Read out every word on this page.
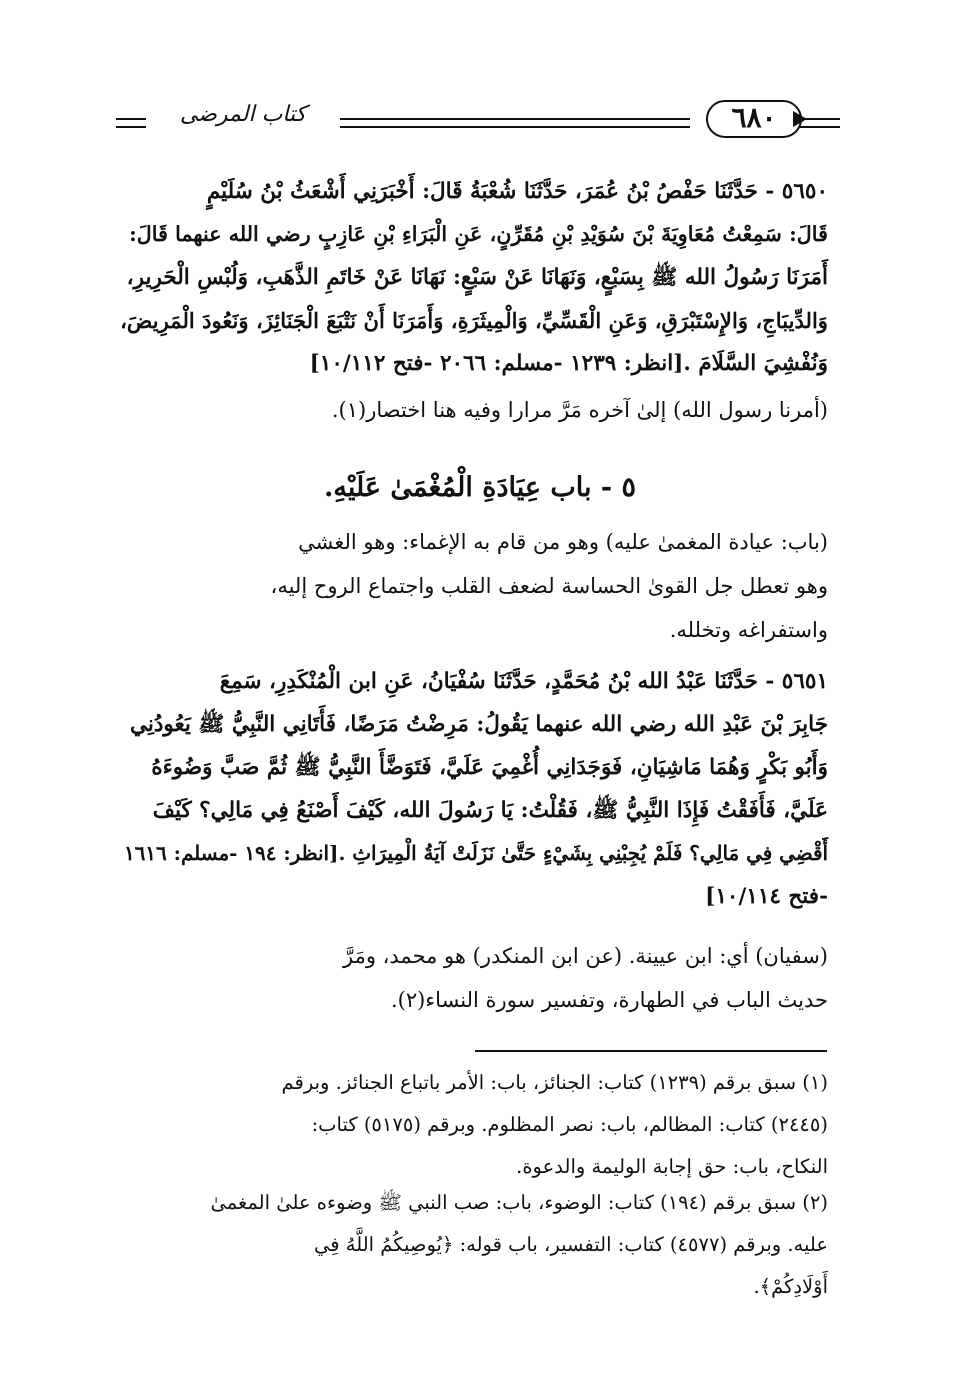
كتاب المرضى	٦٨٠
٥٦٥٠ - حَدَّثَنَا حَفْصُ بْنُ عُمَرَ، حَدَّثَنَا شُعْبَةُ قَالَ: أَخْبَرَنِي أَشْعَثُ بْنُ سُلَيْمٍ
قَالَ: سَمِعْتُ مُعَاوِيَةَ بْنَ سُوَيْدِ بْنِ مُقَرِّنٍ، عَنِ الْبَرَاءِ بْنِ عَازِبٍ رضي الله عنهما قَالَ:
أَمَرَنَا رَسُولُ الله ﷺ بِسَبْعٍ، وَنَهَانَا عَنْ سَبْعٍ: نَهَانَا عَنْ خَاتَمِ الذَّهَبِ، وَلُبْسِ الْحَرِيرِ،
وَالدِّيبَاجِ، وَالإِسْتَبْرَقِ، وَعَنِ الْقَسِّيِّ، وَالْمِيثَرَةِ، وَأَمَرَنَا أَنْ نَتْبَعَ الْجَنَائِزَ، وَنَعُودَ الْمَرِيضَ،
وَنُفْشِيَ السَّلَامَ .[انظر: ١٢٣٩ -مسلم: ٢٠٦٦ -فتح ١٠/١١٢]
(أمرنا رسول الله) إلىٰ آخره مَرَّ مرارا وفيه هنا اختصار(١).
٥ - باب عِيَادَةِ الْمُغْمَىٰ عَلَيْهِ.
(باب: عيادة المغمىٰ عليه) وهو من قام به الإغماء: وهو الغشي
وهو تعطل جل القوىٰ الحساسة لضعف القلب واجتماع الروح إليه،
واستفراغه وتخلله.
٥٦٥١ - حَدَّثَنَا عَبْدُ الله بْنُ مُحَمَّدٍ، حَدَّثَنَا سُفْيَانُ، عَنِ ابن الْمُنْكَدِرِ، سَمِعَ
جَابِرَ بْنَ عَبْدِ الله رضي الله عنهما يَقُولُ: مَرِضْتُ مَرَضًا، فَأَتَانِي النَّبِيُّ ﷺ يَعُودُنِي
وَأَبُو بَكْرٍ وَهُمَا مَاشِيَانِ، فَوَجَدَانِي أُغْمِيَ عَلَيَّ، فَتَوَضَّأَ النَّبِيُّ ﷺ ثُمَّ صَبَّ وَضُوءَهُ
عَلَيَّ، فَأَفَقْتُ فَإِذَا النَّبِيُّ ﷺ، فَقُلْتُ: يَا رَسُولَ الله، كَيْفَ أَصْنَعُ فِي مَالِي؟ كَيْفَ
أَقْضِي فِي مَالِي؟ فَلَمْ يُجِبْنِي بِشَيْءٍ حَتَّىٰ نَزَلَتْ آيَةُ الْمِيرَاثِ .[انظر: ١٩٤ -مسلم: ١٦١٦
-فتح ١٠/١١٤]
(سفيان) أي: ابن عيينة. (عن ابن المنكدر) هو محمد، ومَرَّ
حديث الباب في الطهارة، وتفسير سورة النساء(٢).
(١) سبق برقم (١٢٣٩) كتاب: الجنائز، باب: الأمر باتباع الجنائز. وبرقم
(٢٤٤٥) كتاب: المظالم، باب: نصر المظلوم. وبرقم (٥١٧٥) كتاب:
النكاح، باب: حق إجابة الوليمة والدعوة.
(٢) سبق برقم (١٩٤) كتاب: الوضوء، باب: صب النبي ﷺ وضوءه علىٰ المغمىٰ
عليه. وبرقم (٤٥٧٧) كتاب: التفسير، باب قوله: ﴿يُوصِيكُمُ اللَّهُ فِي
أَوْلَادِكُمْ﴾.
